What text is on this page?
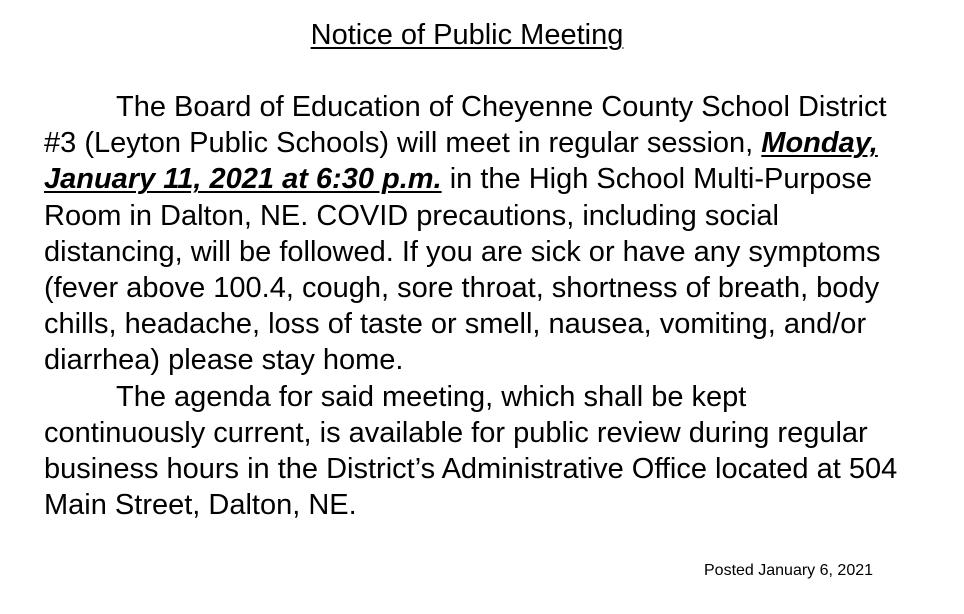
Notice of Public Meeting

The Board of Education of Cheyenne County School District #3 (Leyton Public Schools) will meet in regular session, Monday, January 11, 2021 at 6:30 p.m. in the High School Multi-Purpose Room in Dalton, NE. COVID precautions, including social distancing, will be followed. If you are sick or have any symptoms (fever above 100.4, cough, sore throat, shortness of breath, body chills, headache, loss of taste or smell, nausea, vomiting, and/or diarrhea) please stay home.

The agenda for said meeting, which shall be kept continuously current, is available for public review during regular business hours in the District’s Administrative Office located at 504 Main Street, Dalton, NE.

Posted January 6, 2021
